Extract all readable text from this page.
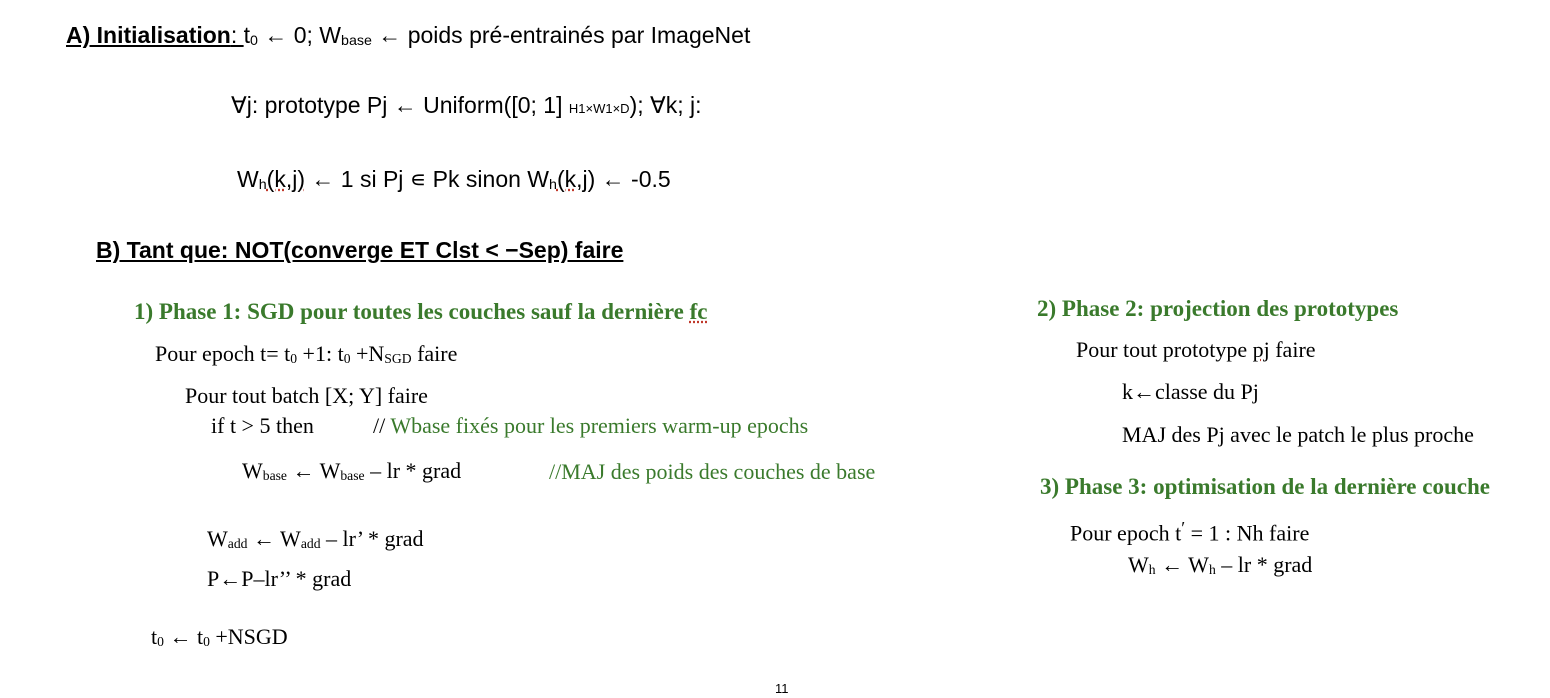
A) Initialisation: $t_0$ ← 0; $W_{base}$ ← poids pré-entrainés par ImageNet
∀j: prototype Pj ← Uniform([0; 1] H1×W1×D); ∀k; j:
$W_h(k,j)$ ← 1 si Pj ∊ Pk sinon $W_h(k,j)$ ← -0.5
B) Tant que: NOT(converge ET Clst < −Sep) faire
1) Phase 1: SGD pour toutes les couches sauf la dernière fc
Pour epoch $t= t_0 +1$: $t_0 +N_{SGD}$ faire
Pour tout batch [X; Y] faire
if t > 5 then	// Wbase fixés pour les premiers warm-up epochs
$W_{base}$ ← $W_{base}$ – lr * grad	//MAJ des poids des couches de base
$W_{add}$ ← $W_{add}$ – lr’ * grad
P←P–lr’’ * grad
$t_0$ ← $t_0$ +NSGD
2) Phase 2: projection des prototypes
Pour tout prototype pj faire
k←classe du Pj
MAJ des Pj avec le patch le plus proche
3) Phase 3: optimisation de la dernière couche
Pour epoch t′ = 1 : Nh faire
$W_h$ ← $W_h$ – lr * grad
11
